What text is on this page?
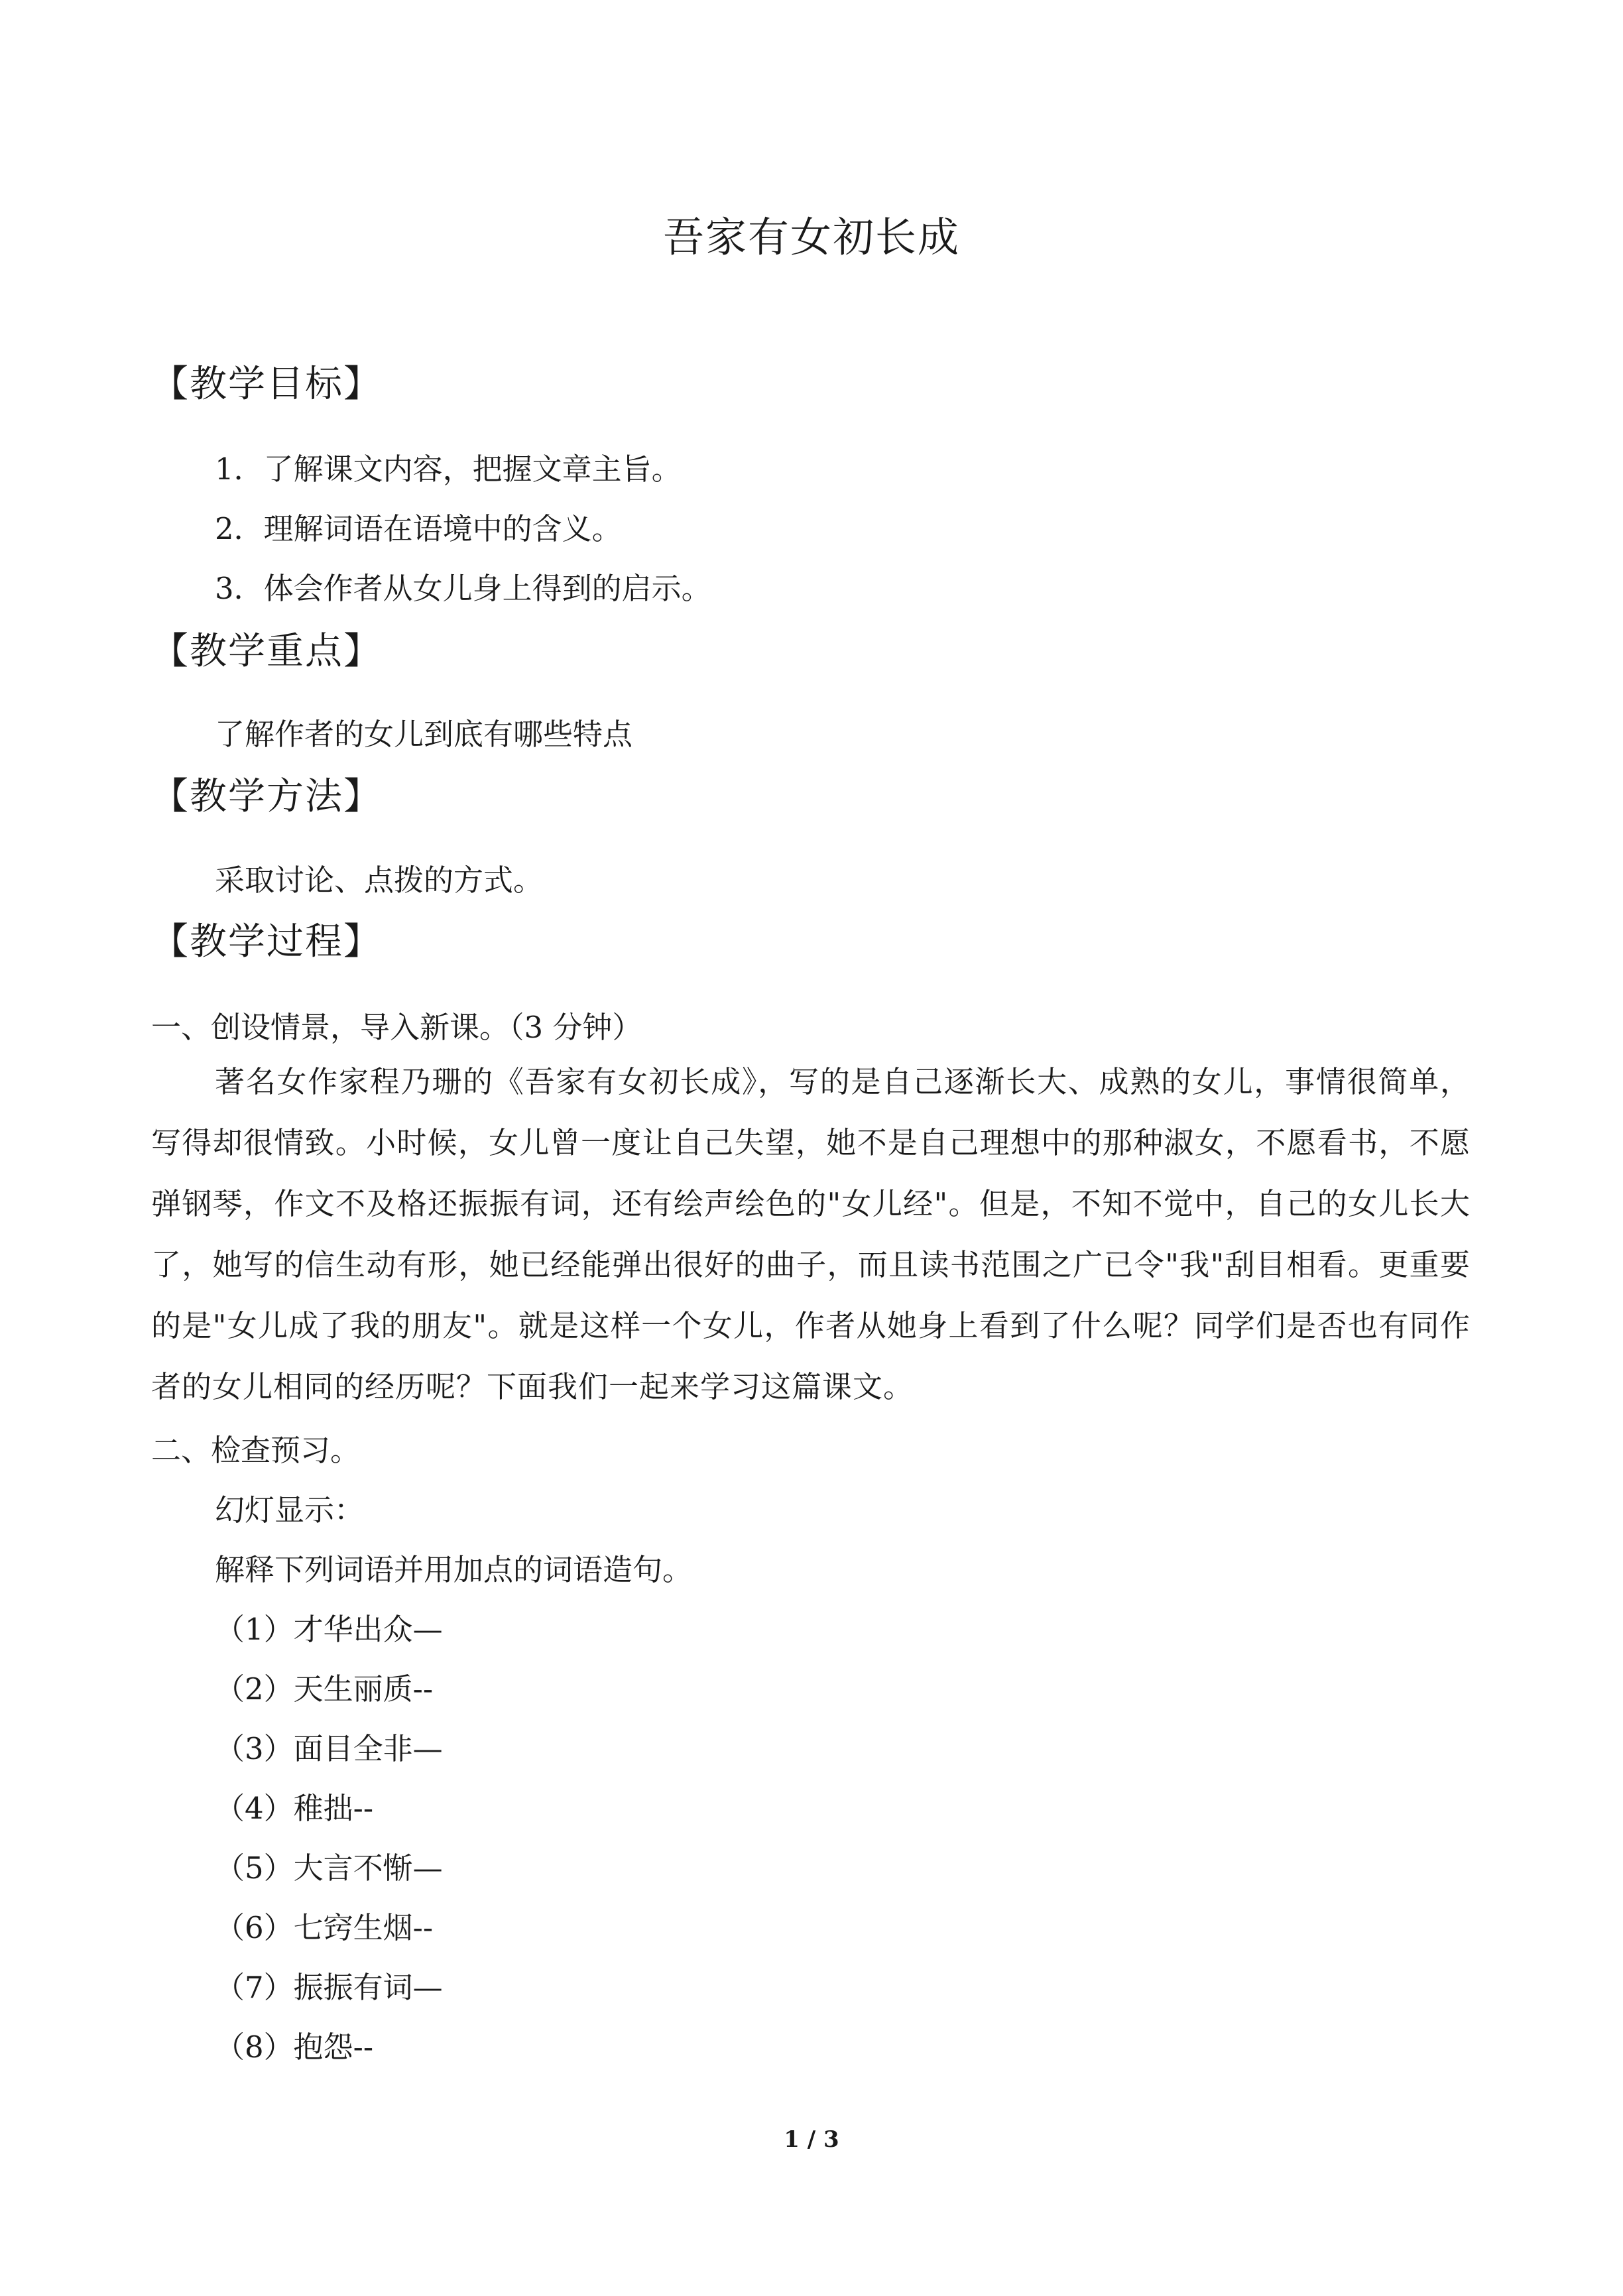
吾家有女初长成
【教学目标】
1．了解课文内容，把握文章主旨。
2．理解词语在语境中的含义。
3．体会作者从女儿身上得到的启示。
【教学重点】
了解作者的女儿到底有哪些特点
【教学方法】
采取讨论、点拨的方式。
【教学过程】
一、创设情景，导入新课。（3 分钟）
著名女作家程乃珊的《吾家有女初长成》，写的是自己逐渐长大、成熟的女儿，事情很简单，写得却很情致。小时候，女儿曾一度让自己失望，她不是自己理想中的那种淑女，不愿看书，不愿弹钢琴，作文不及格还振振有词，还有绘声绘色的"女儿经"。但是，不知不觉中，自己的女儿长大了，她写的信生动有形，她已经能弹出很好的曲子，而且读书范围之广已令"我"刮目相看。更重要的是"女儿成了我的朋友"。就是这样一个女儿，作者从她身上看到了什么呢？同学们是否也有同作者的女儿相同的经历呢？下面我们一起来学习这篇课文。
二、检查预习。
幻灯显示：
解释下列词语并用加点的词语造句。
（1）才华出众—
（2）天生丽质--
（3）面目全非—
（4）稚拙--
（5）大言不惭—
（6）七窍生烟--
（7）振振有词—
（8）抱怨--
1 / 3
